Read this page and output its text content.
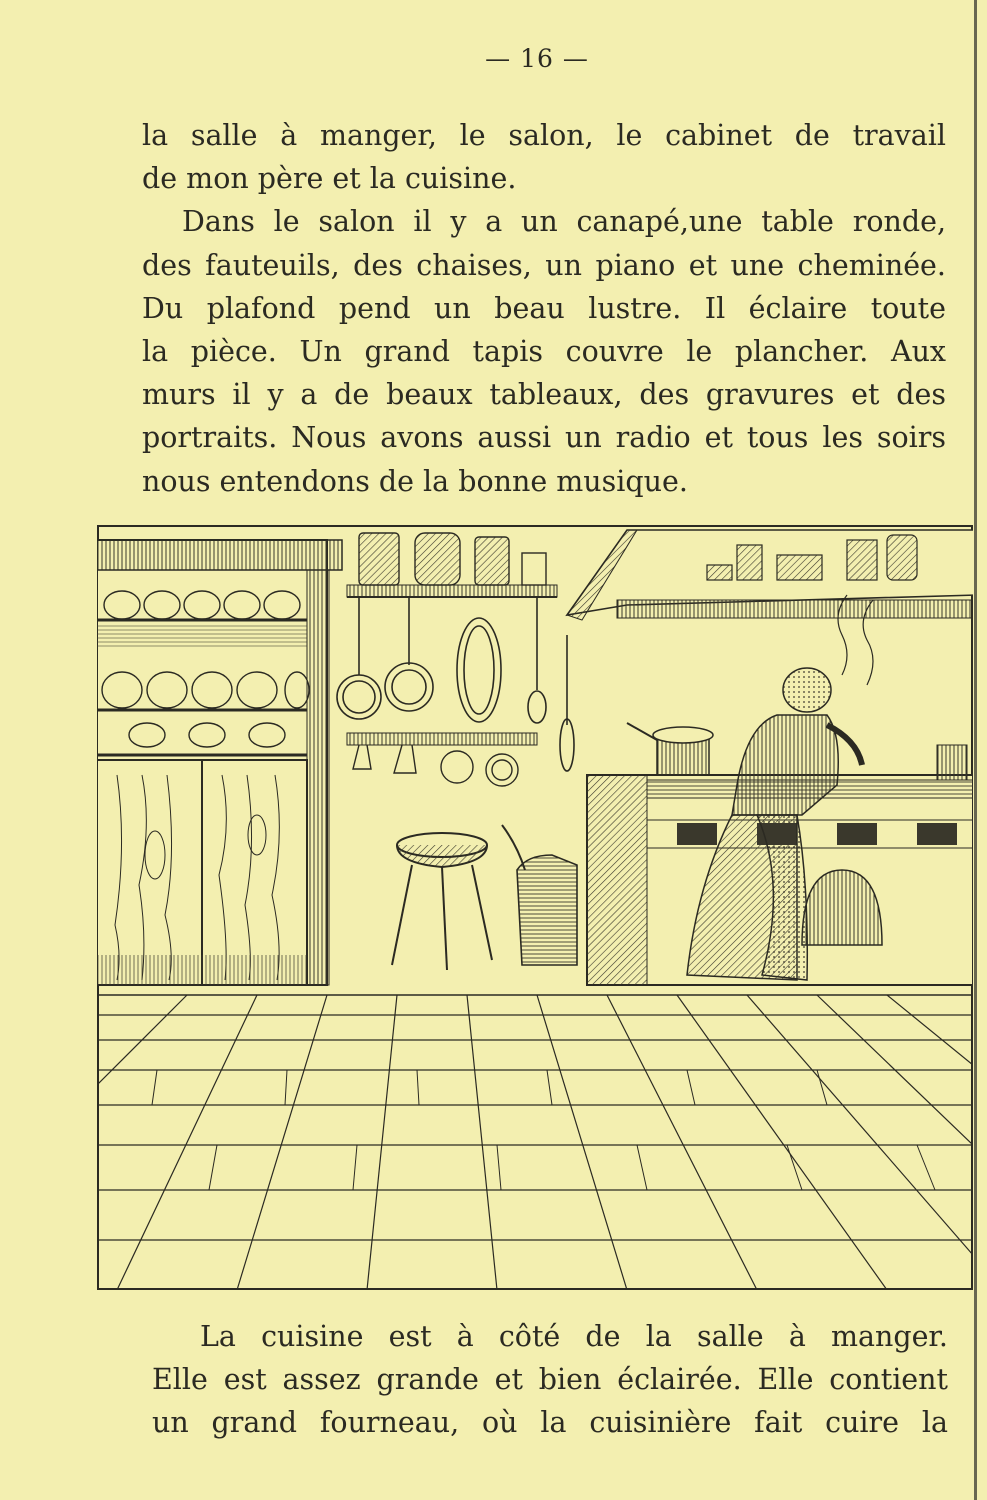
— 16 —
la salle à manger, le salon, le cabinet de travail
de mon père et la cuisine.
Dans le salon il y a un canapé,une table ronde,
des fauteuils, des chaises, un piano et une cheminée.
Du plafond pend un beau lustre. Il éclaire toute
la pièce. Un grand tapis couvre le plancher. Aux
murs il y a de beaux tableaux, des gravures et des
portraits. Nous avons aussi un radio et tous les soirs
nous entendons de la bonne musique.
La cuisine est à côté de la salle à manger.
Elle est assez grande et bien éclairée. Elle contient
un grand fourneau, où la cuisinière fait cuire la
